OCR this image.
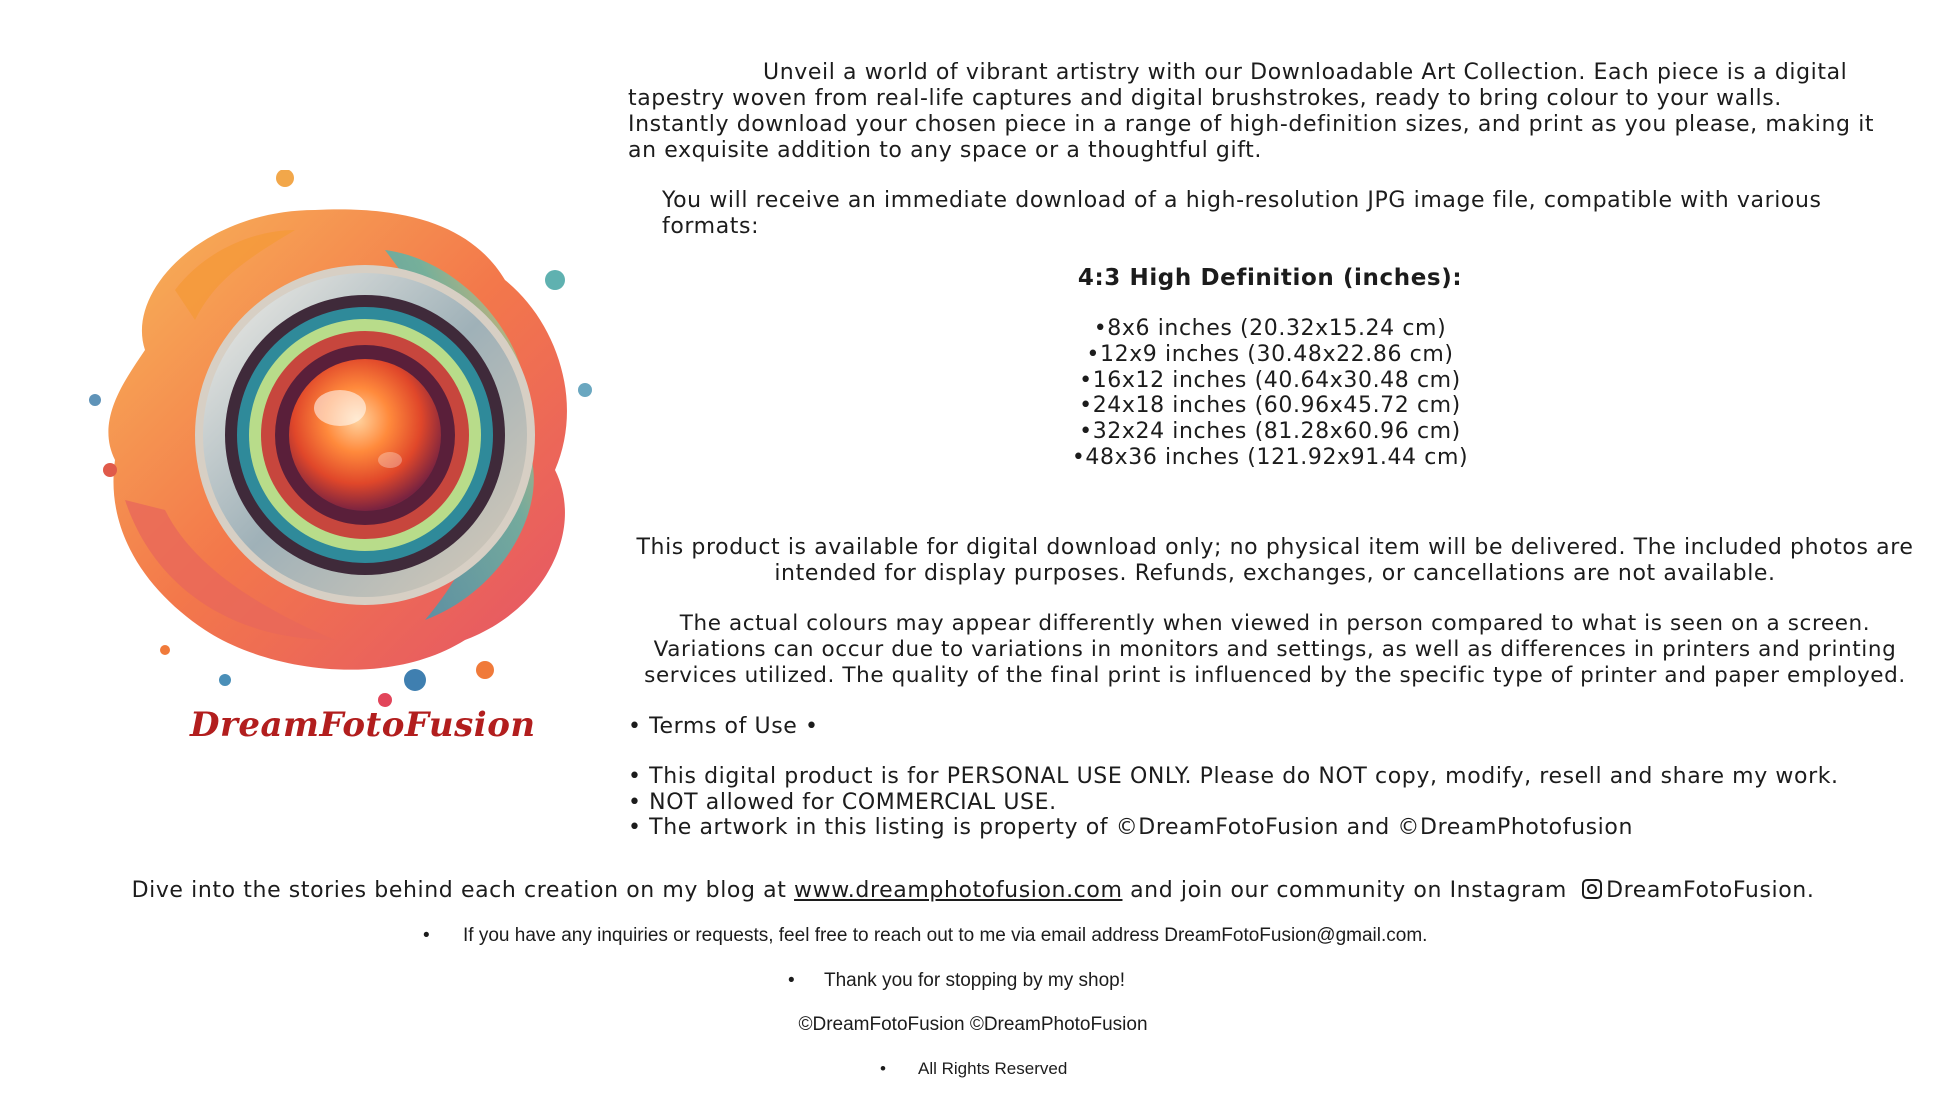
DreamFotoFusion
Unveil a world of vibrant artistry with our Downloadable Art Collection. Each piece is a digital tapestry woven from real-life captures and digital brushstrokes, ready to bring colour to your walls. Instantly download your chosen piece in a range of high-definition sizes, and print as you please, making it an exquisite addition to any space or a thoughtful gift.
You will receive an immediate download of a high-resolution JPG image file, compatible with various formats:
4:3 High Definition (inches):
•8x6 inches (20.32x15.24 cm)
•12x9 inches (30.48x22.86 cm)
•16x12 inches (40.64x30.48 cm)
•24x18 inches (60.96x45.72 cm)
•32x24 inches (81.28x60.96 cm)
•48x36 inches (121.92x91.44 cm)
This product is available for digital download only; no physical item will be delivered. The included photos are intended for display purposes. Refunds, exchanges, or cancellations are not available.
The actual colours may appear differently when viewed in person compared to what is seen on a screen. Variations can occur due to variations in monitors and settings, as well as differences in printers and printing services utilized. The quality of the final print is influenced by the specific type of printer and paper employed.
• Terms of Use •
• This digital product is for PERSONAL USE ONLY. Please do NOT copy, modify, resell and share my work.
• NOT allowed for COMMERCIAL USE.
• The artwork in this listing is property of ©DreamFotoFusion and ©DreamPhotofusion
Dive into the stories behind each creation on my blog at www.dreamphotofusion.com and join our community on Instagram DreamFotoFusion.
•	If you have any inquiries or requests, feel free to reach out to me via email address DreamFotoFusion@gmail.com.
•	Thank you for stopping by my shop!
©DreamFotoFusion ©DreamPhotoFusion
•	All Rights Reserved
